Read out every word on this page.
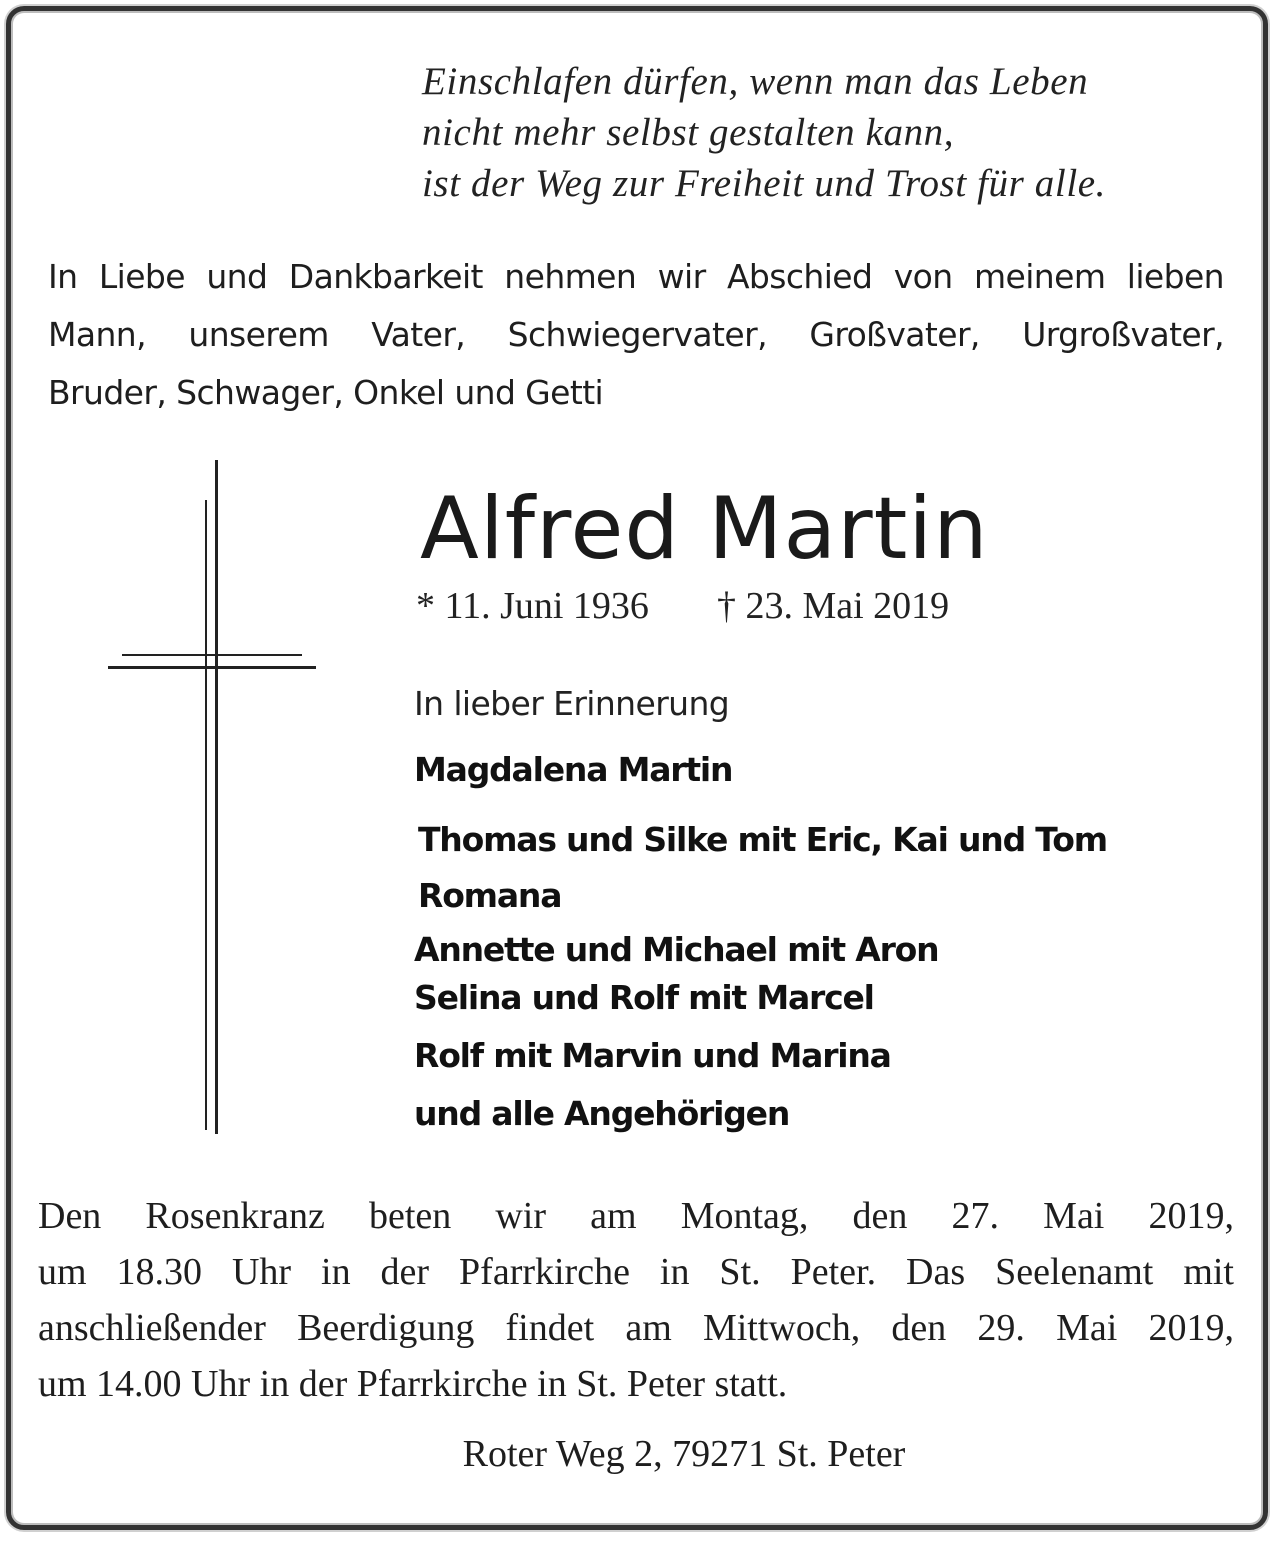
Einschlafen dürfen, wenn man das Leben
nicht mehr selbst gestalten kann,
ist der Weg zur Freiheit und Trost für alle.
In Liebe und Dankbarkeit nehmen wir Abschied von meinem lieben
Mann, unserem Vater, Schwiegervater, Großvater, Urgroßvater,
Bruder, Schwager, Onkel und Getti
Alfred Martin
* 11. Juni 1936 † 23. Mai 2019
In lieber Erinnerung
Magdalena Martin
Thomas und Silke mit Eric, Kai und Tom
Romana
Annette und Michael mit Aron
Selina und Rolf mit Marcel
Rolf mit Marvin und Marina
und alle Angehörigen
Den Rosenkranz beten wir am Montag, den 27. Mai 2019,
um 18.30 Uhr in der Pfarrkirche in St. Peter. Das Seelenamt mit
anschließender Beerdigung findet am Mittwoch, den 29. Mai 2019,
um 14.00 Uhr in der Pfarrkirche in St. Peter statt.
Roter Weg 2, 79271 St. Peter
